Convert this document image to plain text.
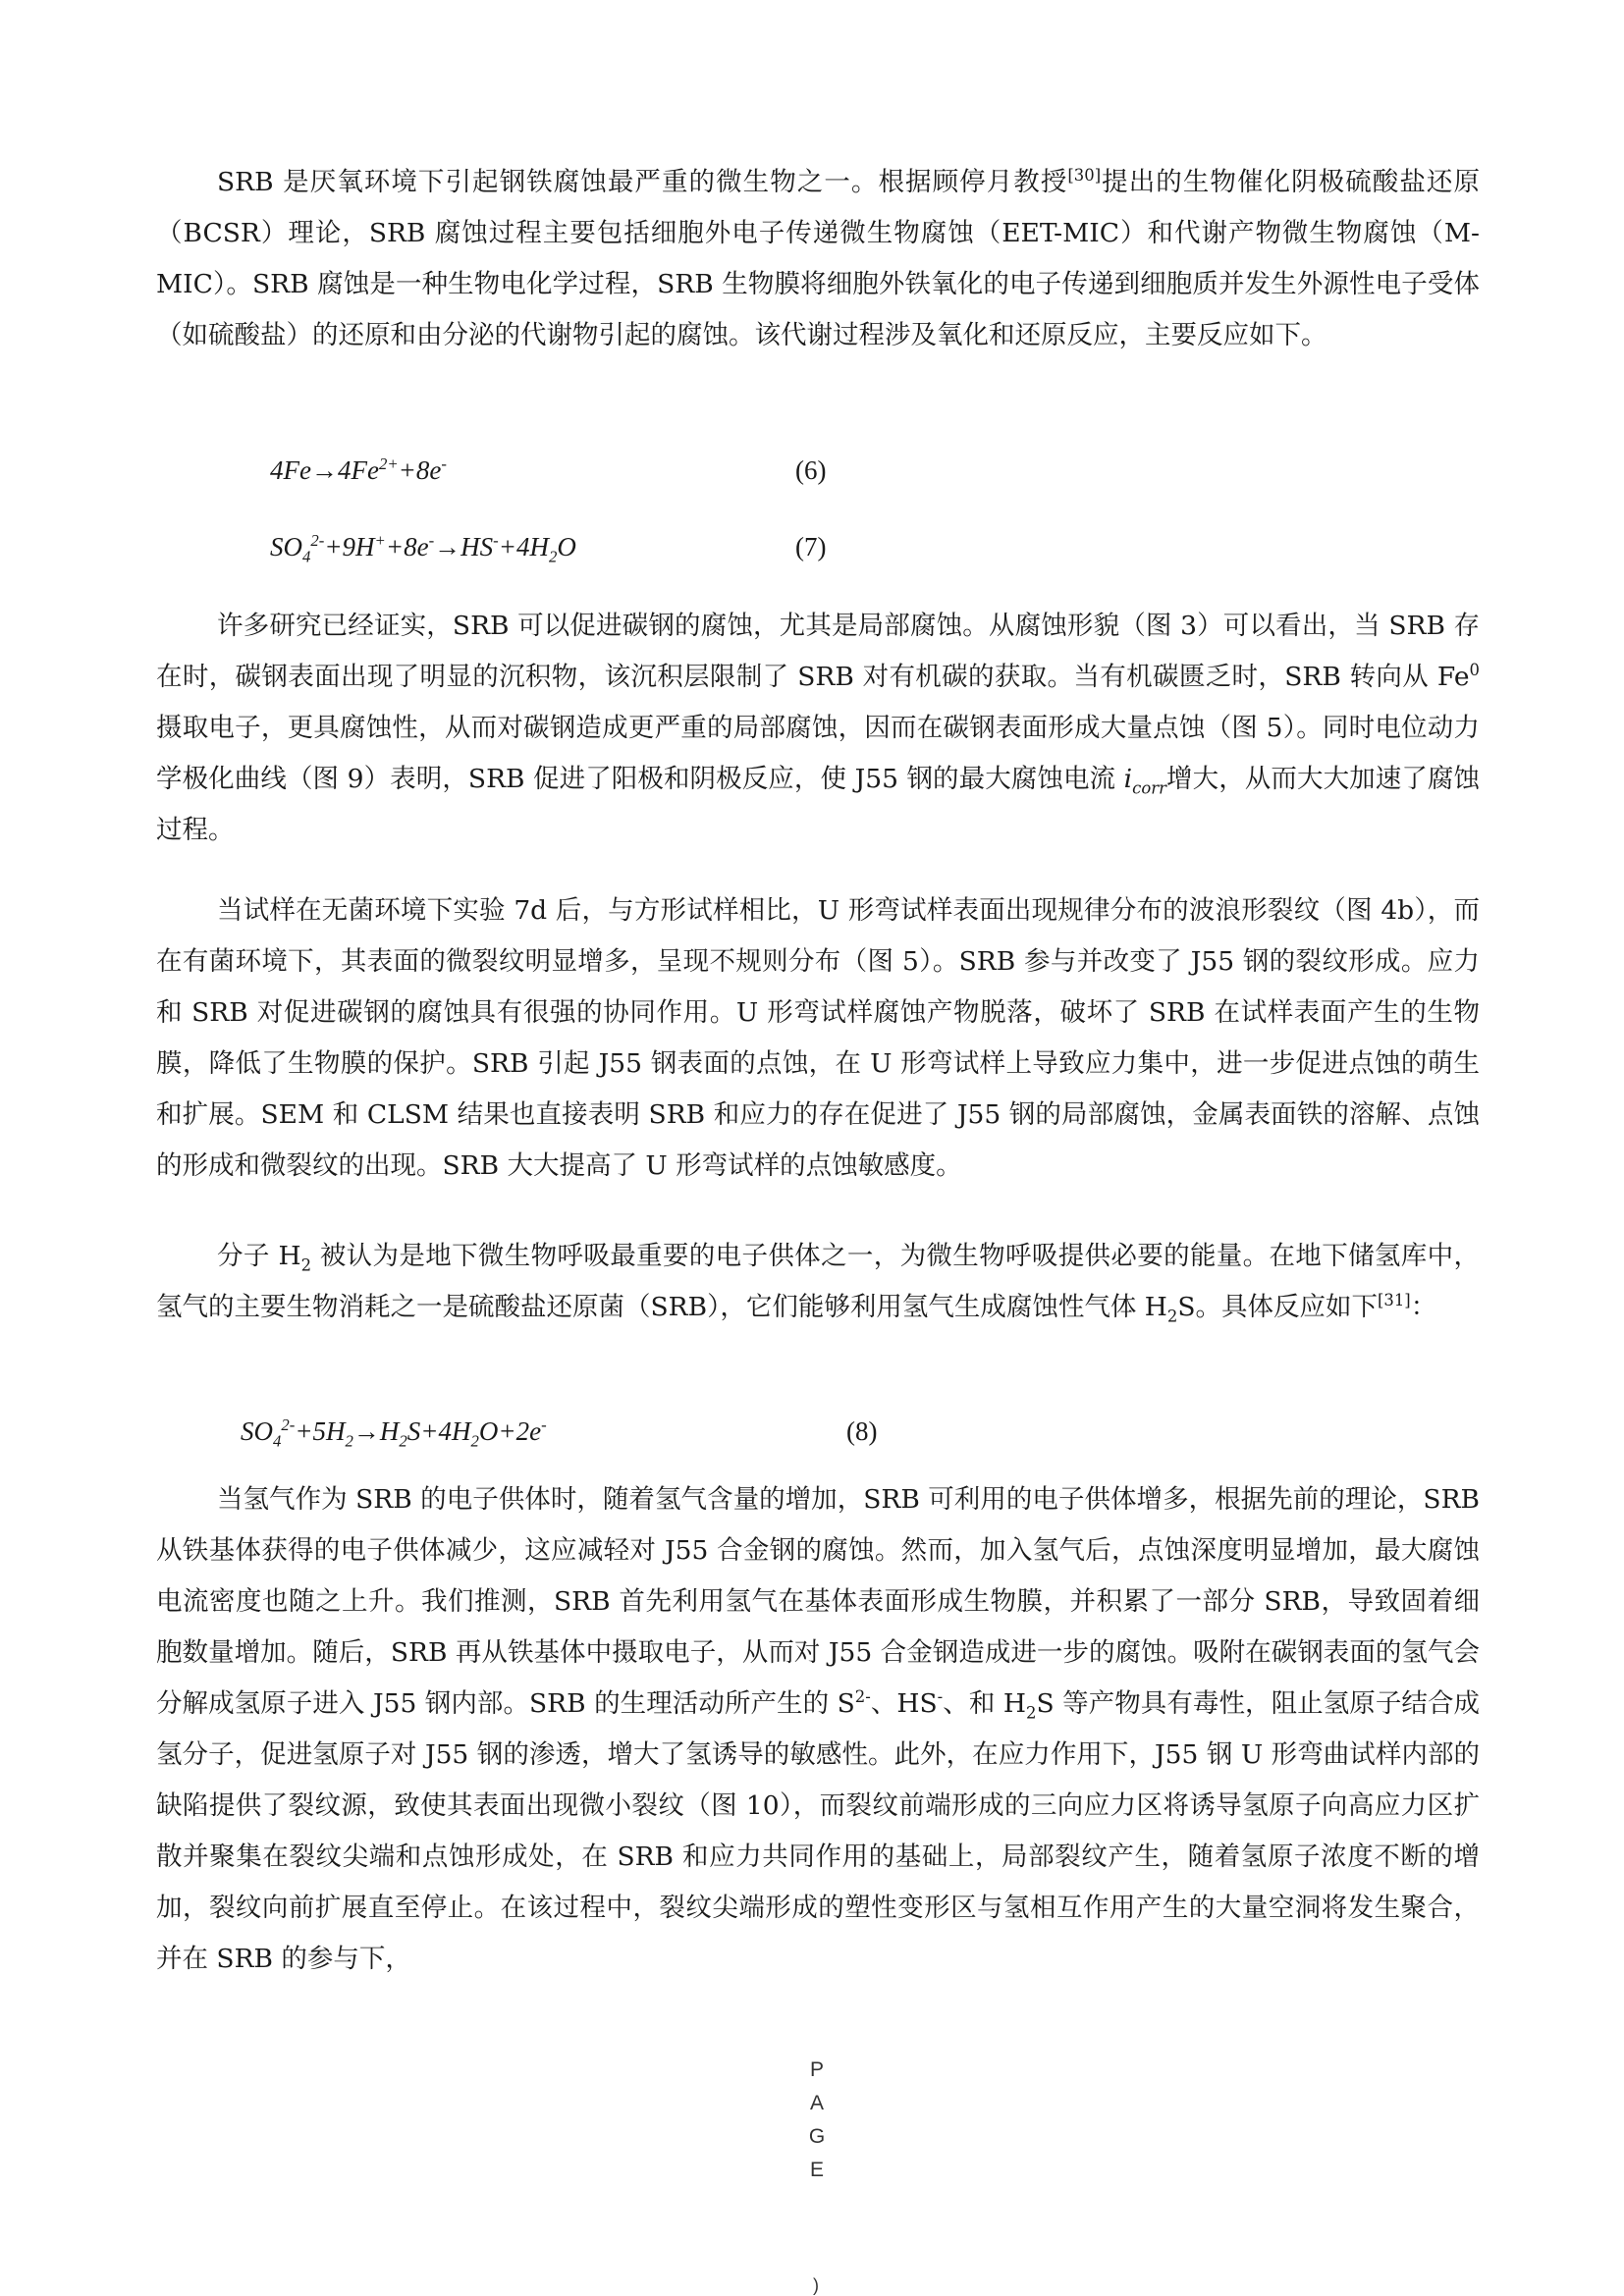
SRB 是厌氧环境下引起钢铁腐蚀最严重的微生物之一。根据顾停月教授[30]提出的生物催化阴极硫酸盐还原（BCSR）理论，SRB 腐蚀过程主要包括细胞外电子传递微生物腐蚀（EET-MIC）和代谢产物微生物腐蚀（M-MIC）。SRB 腐蚀是一种生物电化学过程，SRB 生物膜将细胞外铁氧化的电子传递到细胞质并发生外源性电子受体（如硫酸盐）的还原和由分泌的代谢物引起的腐蚀。该代谢过程涉及氧化和还原反应，主要反应如下。

$4Fe\to 4Fe^{2+}+8e^-$	(6)
$SO_4^{2-}+9H^++8e^-\to HS^-+4H_2O$	(7)

许多研究已经证实，SRB 可以促进碳钢的腐蚀，尤其是局部腐蚀。从腐蚀形貌（图 3）可以看出，当 SRB 存在时，碳钢表面出现了明显的沉积物，该沉积层限制了 SRB 对有机碳的获取。当有机碳匮乏时，SRB 转向从 Fe$^0$ 摄取电子，更具腐蚀性，从而对碳钢造成更严重的局部腐蚀，因而在碳钢表面形成大量点蚀（图 5）。同时电位动力学极化曲线（图 9）表明，SRB 促进了阳极和阴极反应，使 J55 钢的最大腐蚀电流 $i_{corr}$增大，从而大大加速了腐蚀过程。

当试样在无菌环境下实验 7d 后，与方形试样相比，U 形弯试样表面出现规律分布的波浪形裂纹（图 4b），而在有菌环境下，其表面的微裂纹明显增多，呈现不规则分布（图 5）。SRB 参与并改变了 J55 钢的裂纹形成。应力和 SRB 对促进碳钢的腐蚀具有很强的协同作用。U 形弯试样腐蚀产物脱落，破坏了 SRB 在试样表面产生的生物膜，降低了生物膜的保护。SRB 引起 J55 钢表面的点蚀，在 U 形弯试样上导致应力集中，进一步促进点蚀的萌生和扩展。SEM 和 CLSM 结果也直接表明 SRB 和应力的存在促进了 J55 钢的局部腐蚀，金属表面铁的溶解、点蚀的形成和微裂纹的出现。SRB 大大提高了 U 形弯试样的点蚀敏感度。

分子 $H_2$ 被认为是地下微生物呼吸最重要的电子供体之一，为微生物呼吸提供必要的能量。在地下储氢库中，氢气的主要生物消耗之一是硫酸盐还原菌（SRB），它们能够利用氢气生成腐蚀性气体 $H_2S$。具体反应如下[31]：

$SO_4^{2-}+5H_2\to H_2S+4H_2O+2e^-$	(8)

当氢气作为 SRB 的电子供体时，随着氢气含量的增加，SRB 可利用的电子供体增多，根据先前的理论，SRB 从铁基体获得的电子供体减少，这应减轻对 J55 合金钢的腐蚀。然而，加入氢气后，点蚀深度明显增加，最大腐蚀电流密度也随之上升。我们推测，SRB 首先利用氢气在基体表面形成生物膜，并积累了一部分 SRB，导致固着细胞数量增加。随后，SRB 再从铁基体中摄取电子，从而对 J55 合金钢造成进一步的腐蚀。吸附在碳钢表面的氢气会分解成氢原子进入 J55 钢内部。SRB 的生理活动所产生的 $S^{2-}$、HS-、和 $H_2S$ 等产物具有毒性，阻止氢原子结合成氢分子，促进氢原子对 J55 钢的渗透，增大了氢诱导的敏感性。此外，在应力作用下，J55 钢 U 形弯曲试样内部的缺陷提供了裂纹源，致使其表面出现微小裂纹（图 10），而裂纹前端形成的三向应力区将诱导氢原子向高应力区扩散并聚集在裂纹尖端和点蚀形成处，在 SRB 和应力共同作用的基础上，局部裂纹产生，随着氢原子浓度不断的增加，裂纹向前扩展直至停止。在该过程中，裂纹尖端形成的塑性变形区与氢相互作用产生的大量空洞将发生聚合，并在 SRB 的参与下，

P
A
G
E
)
